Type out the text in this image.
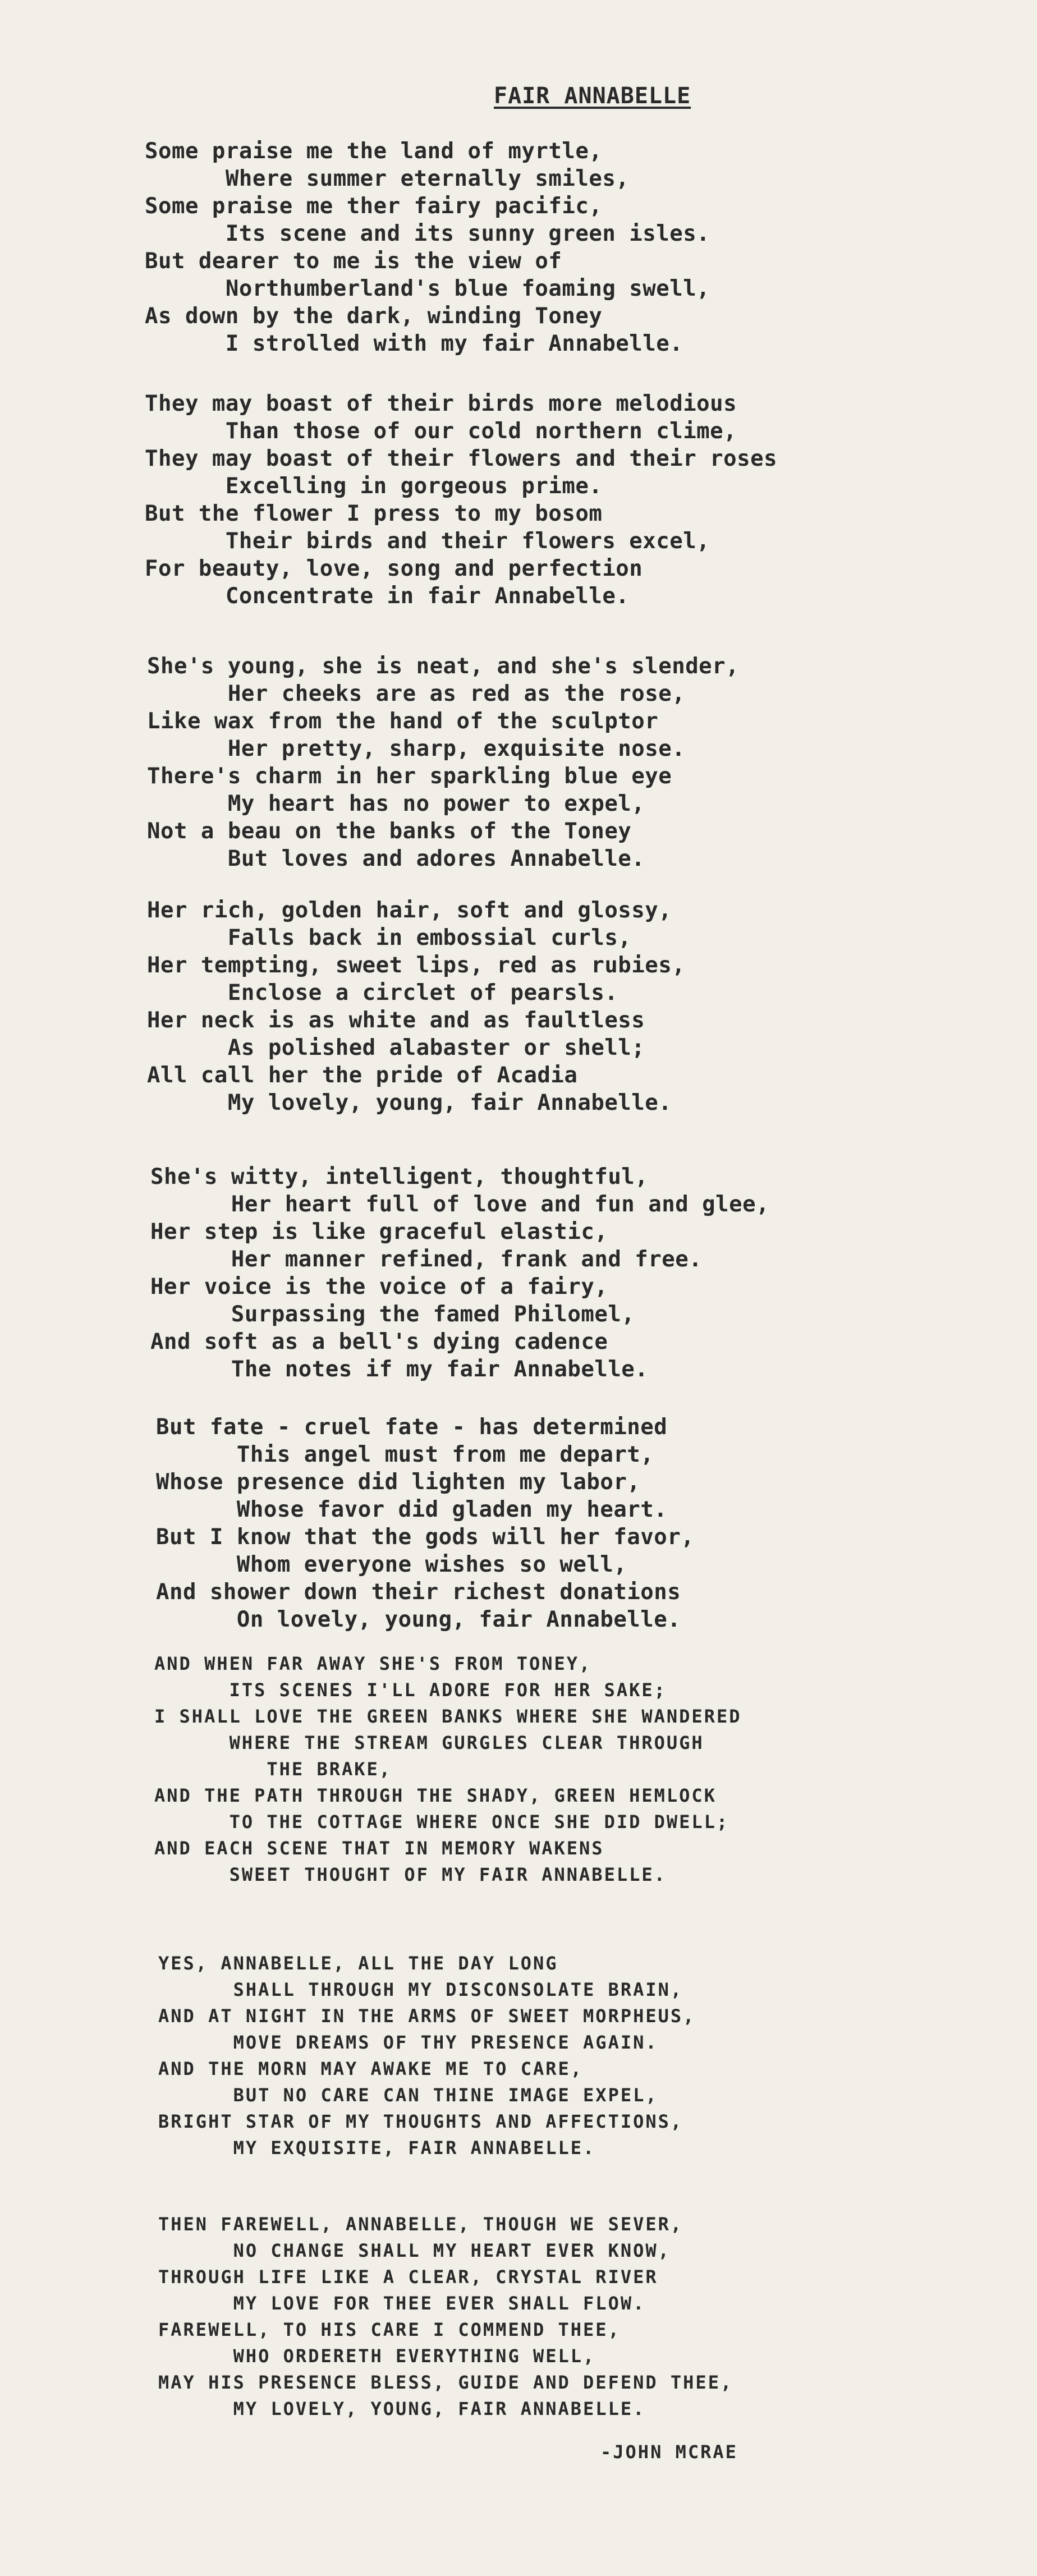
FAIR ANNABELLE
Some praise me the land of myrtle,
Where summer eternally smiles,
Some praise me ther fairy pacific,
Its scene and its sunny green isles.
But dearer to me is the view of
Northumberland's blue foaming swell,
As down by the dark, winding Toney
I strolled with my fair Annabelle.
They may boast of their birds more melodious
Than those of our cold northern clime,
They may boast of their flowers and their roses
Excelling in gorgeous prime.
But the flower I press to my bosom
Their birds and their flowers excel,
For beauty, love, song and perfection
Concentrate in fair Annabelle.
She's young, she is neat, and she's slender,
Her cheeks are as red as the rose,
Like wax from the hand of the sculptor
Her pretty, sharp, exquisite nose.
There's charm in her sparkling blue eye
My heart has no power to expel,
Not a beau on the banks of the Toney
But loves and adores Annabelle.
Her rich, golden hair, soft and glossy,
Falls back in embossial curls,
Her tempting, sweet lips, red as rubies,
Enclose a circlet of pearsls.
Her neck is as white and as faultless
As polished alabaster or shell;
All call her the pride of Acadia
My lovely, young, fair Annabelle.
She's witty, intelligent, thoughtful,
Her heart full of love and fun and glee,
Her step is like graceful elastic,
Her manner refined, frank and free.
Her voice is the voice of a fairy,
Surpassing the famed Philomel,
And soft as a bell's dying cadence
The notes if my fair Annabelle.
But fate - cruel fate - has determined
This angel must from me depart,
Whose presence did lighten my labor,
Whose favor did gladen my heart.
But I know that the gods will her favor,
Whom everyone wishes so well,
And shower down their richest donations
On lovely, young, fair Annabelle.
AND WHEN FAR AWAY SHE'S FROM TONEY,
ITS SCENES I'LL ADORE FOR HER SAKE;
I SHALL LOVE THE GREEN BANKS WHERE SHE WANDERED
WHERE THE STREAM GURGLES CLEAR THROUGH
THE BRAKE,
AND THE PATH THROUGH THE SHADY, GREEN HEMLOCK
TO THE COTTAGE WHERE ONCE SHE DID DWELL;
AND EACH SCENE THAT IN MEMORY WAKENS
SWEET THOUGHT OF MY FAIR ANNABELLE.
YES, ANNABELLE, ALL THE DAY LONG
SHALL THROUGH MY DISCONSOLATE BRAIN,
AND AT NIGHT IN THE ARMS OF SWEET MORPHEUS,
MOVE DREAMS OF THY PRESENCE AGAIN.
AND THE MORN MAY AWAKE ME TO CARE,
BUT NO CARE CAN THINE IMAGE EXPEL,
BRIGHT STAR OF MY THOUGHTS AND AFFECTIONS,
MY EXQUISITE, FAIR ANNABELLE.
THEN FAREWELL, ANNABELLE, THOUGH WE SEVER,
NO CHANGE SHALL MY HEART EVER KNOW,
THROUGH LIFE LIKE A CLEAR, CRYSTAL RIVER
MY LOVE FOR THEE EVER SHALL FLOW.
FAREWELL, TO HIS CARE I COMMEND THEE,
WHO ORDERETH EVERYTHING WELL,
MAY HIS PRESENCE BLESS, GUIDE AND DEFEND THEE,
MY LOVELY, YOUNG, FAIR ANNABELLE.
-JOHN MCRAE
